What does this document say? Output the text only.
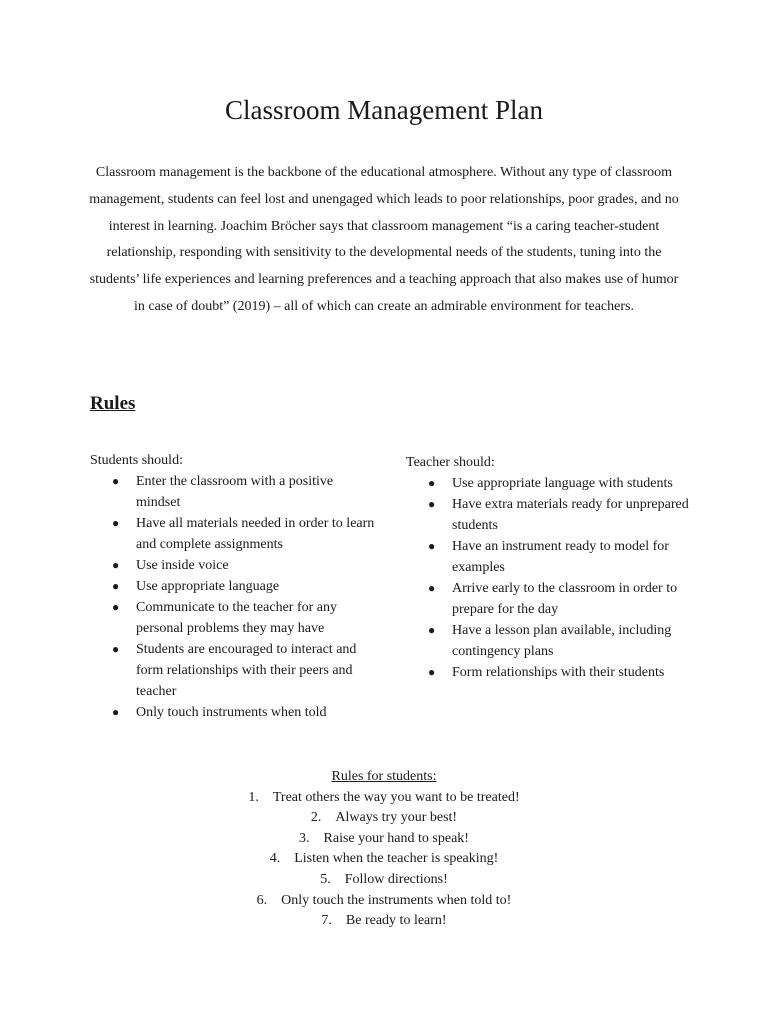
Classroom Management Plan

Classroom management is the backbone of the educational atmosphere. Without any type of classroom management, students can feel lost and unengaged which leads to poor relationships, poor grades, and no interest in learning. Joachim Bröcher says that classroom management “is a caring teacher-student relationship, responding with sensitivity to the developmental needs of the students, tuning into the students’ life experiences and learning preferences and a teaching approach that also makes use of humor in case of doubt” (2019) – all of which can create an admirable environment for teachers.

Rules

Students should:

● Enter the classroom with a positive mindset
● Have all materials needed in order to learn and complete assignments
● Use inside voice
● Use appropriate language
● Communicate to the teacher for any personal problems they may have
● Students are encouraged to interact and form relationships with their peers and teacher
● Only touch instruments when told

Teacher should:

● Use appropriate language with students
● Have extra materials ready for unprepared students
● Have an instrument ready to model for examples
● Arrive early to the classroom in order to prepare for the day
● Have a lesson plan available, including contingency plans
● Form relationships with their students

Rules for students:

1. Treat others the way you want to be treated!
2. Always try your best!
3. Raise your hand to speak!
4. Listen when the teacher is speaking!
5. Follow directions!
6. Only touch the instruments when told to!
7. Be ready to learn!
